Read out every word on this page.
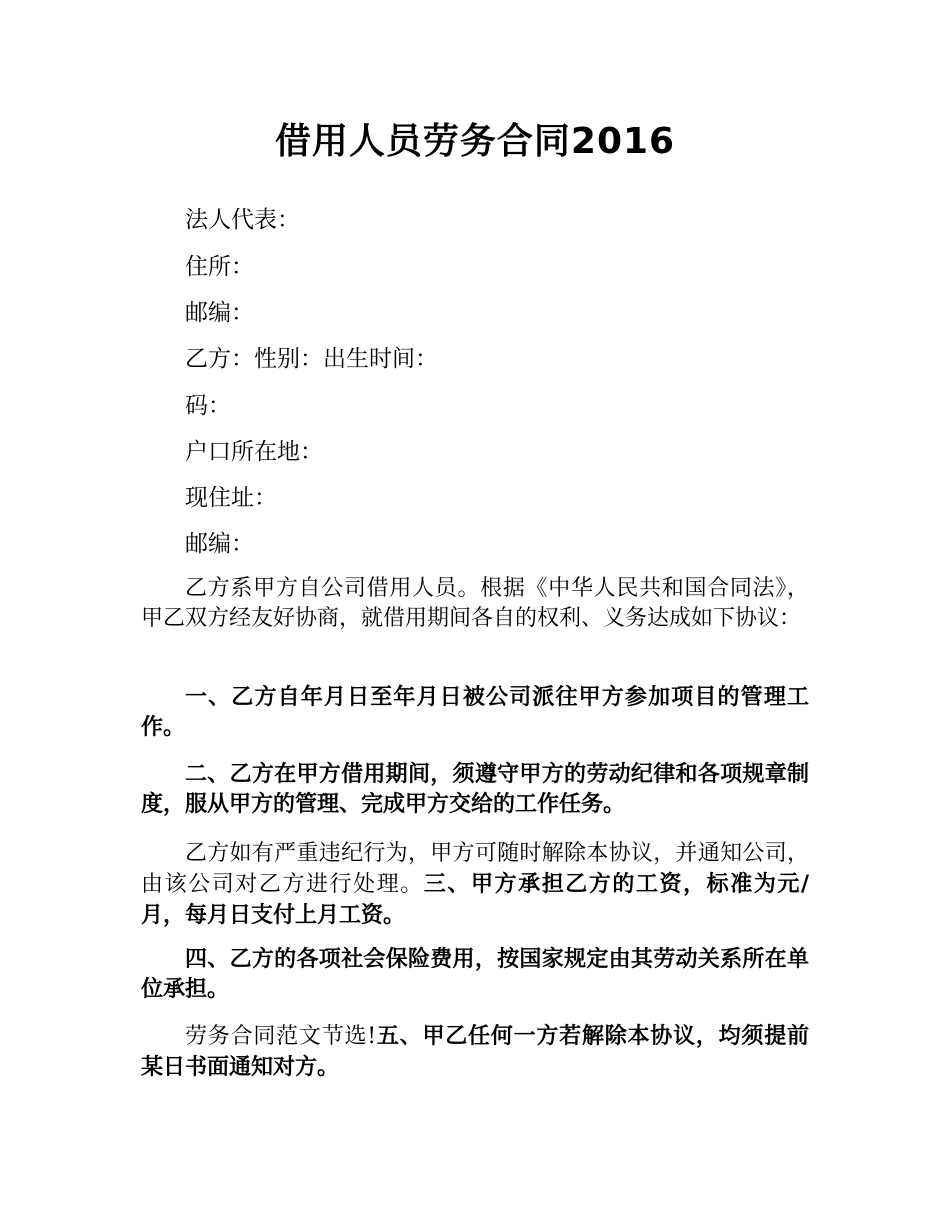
借用人员劳务合同2016
法人代表：
住所：
邮编：
乙方：性别：出生时间：
码：
户口所在地：
现住址：
邮编：

乙方系甲方自公司借用人员。根据《中华人民共和国合同法》，甲乙双方经友好协商，就借用期间各自的权利、义务达成如下协议：

一、乙方自年月日至年月日被公司派往甲方参加项目的管理工作。

二、乙方在甲方借用期间，须遵守甲方的劳动纪律和各项规章制度，服从甲方的管理、完成甲方交给的工作任务。

乙方如有严重违纪行为，甲方可随时解除本协议，并通知公司，由该公司对乙方进行处理。三、甲方承担乙方的工资，标准为元/月，每月日支付上月工资。

四、乙方的各项社会保险费用，按国家规定由其劳动关系所在单位承担。

劳务合同范文节选!五、甲乙任何一方若解除本协议，均须提前某日书面通知对方。
